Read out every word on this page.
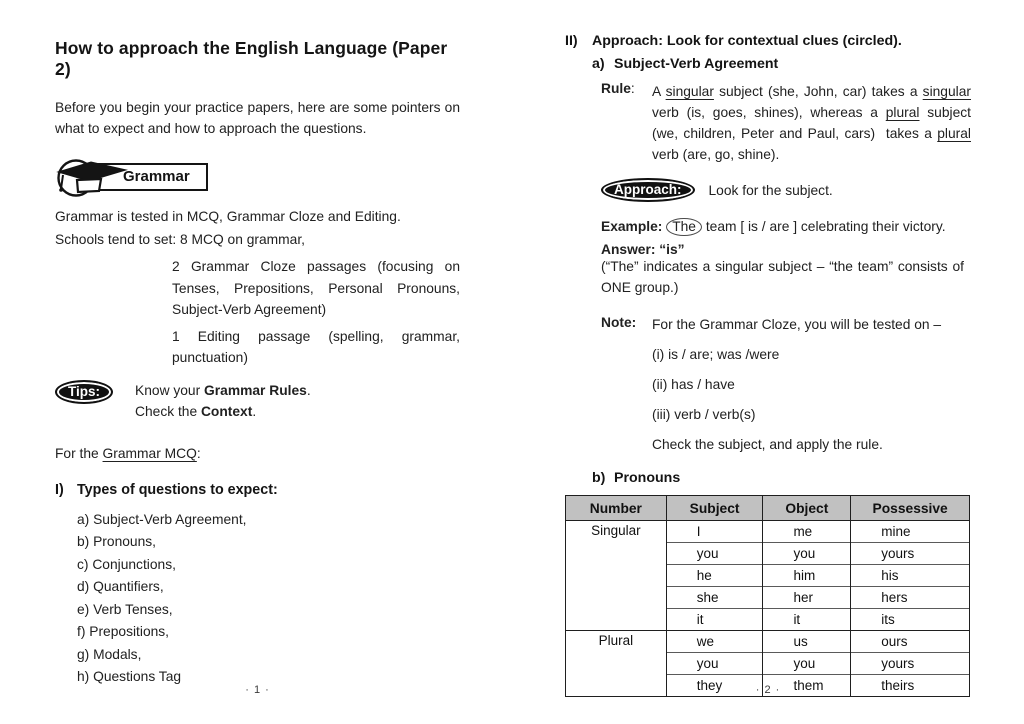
How to approach the English Language (Paper 2)
Before you begin your practice papers, here are some pointers on what to expect and how to approach the questions.
Grammar
Grammar is tested in MCQ, Grammar Cloze and Editing.
Schools tend to set: 8 MCQ on grammar,
2 Grammar Cloze passages (focusing on Tenses, Prepositions, Personal Pronouns, Subject-Verb Agreement)
1 Editing passage (spelling, grammar, punctuation)
Tips:	Know your Grammar Rules.
Check the Context.
For the Grammar MCQ:
I) Types of questions to expect:
a) Subject-Verb Agreement,
b) Pronouns,
c) Conjunctions,
d) Quantifiers,
e) Verb Tenses,
f) Prepositions,
g) Modals,
h) Questions Tag
· 1 ·
II)	Approach: Look for contextual clues (circled).
a) Subject-Verb Agreement
Rule:	A singular subject (she, John, car) takes a singular verb (is, goes, shines), whereas a plural subject (we, children, Peter and Paul, cars)  takes a plural verb (are, go, shine).
Approach:	Look for the subject.
Example: The team [ is / are ] celebrating their victory.
Answer: “is”
(“The” indicates a singular subject – “the team” consists of ONE group.)
Note:	For the Grammar Cloze, you will be tested on –
(i) is / are; was /were
(ii) has / have
(iii) verb / verb(s)
Check the subject, and apply the rule.
b) Pronouns
Number	Subject	Object	Possessive
Singular	I	me	mine
	you	you	yours
	he	him	his
	she	her	hers
	it	it	its
Plural	we	us	ours
	you	you	yours
	they	them	theirs
· 2 ·
